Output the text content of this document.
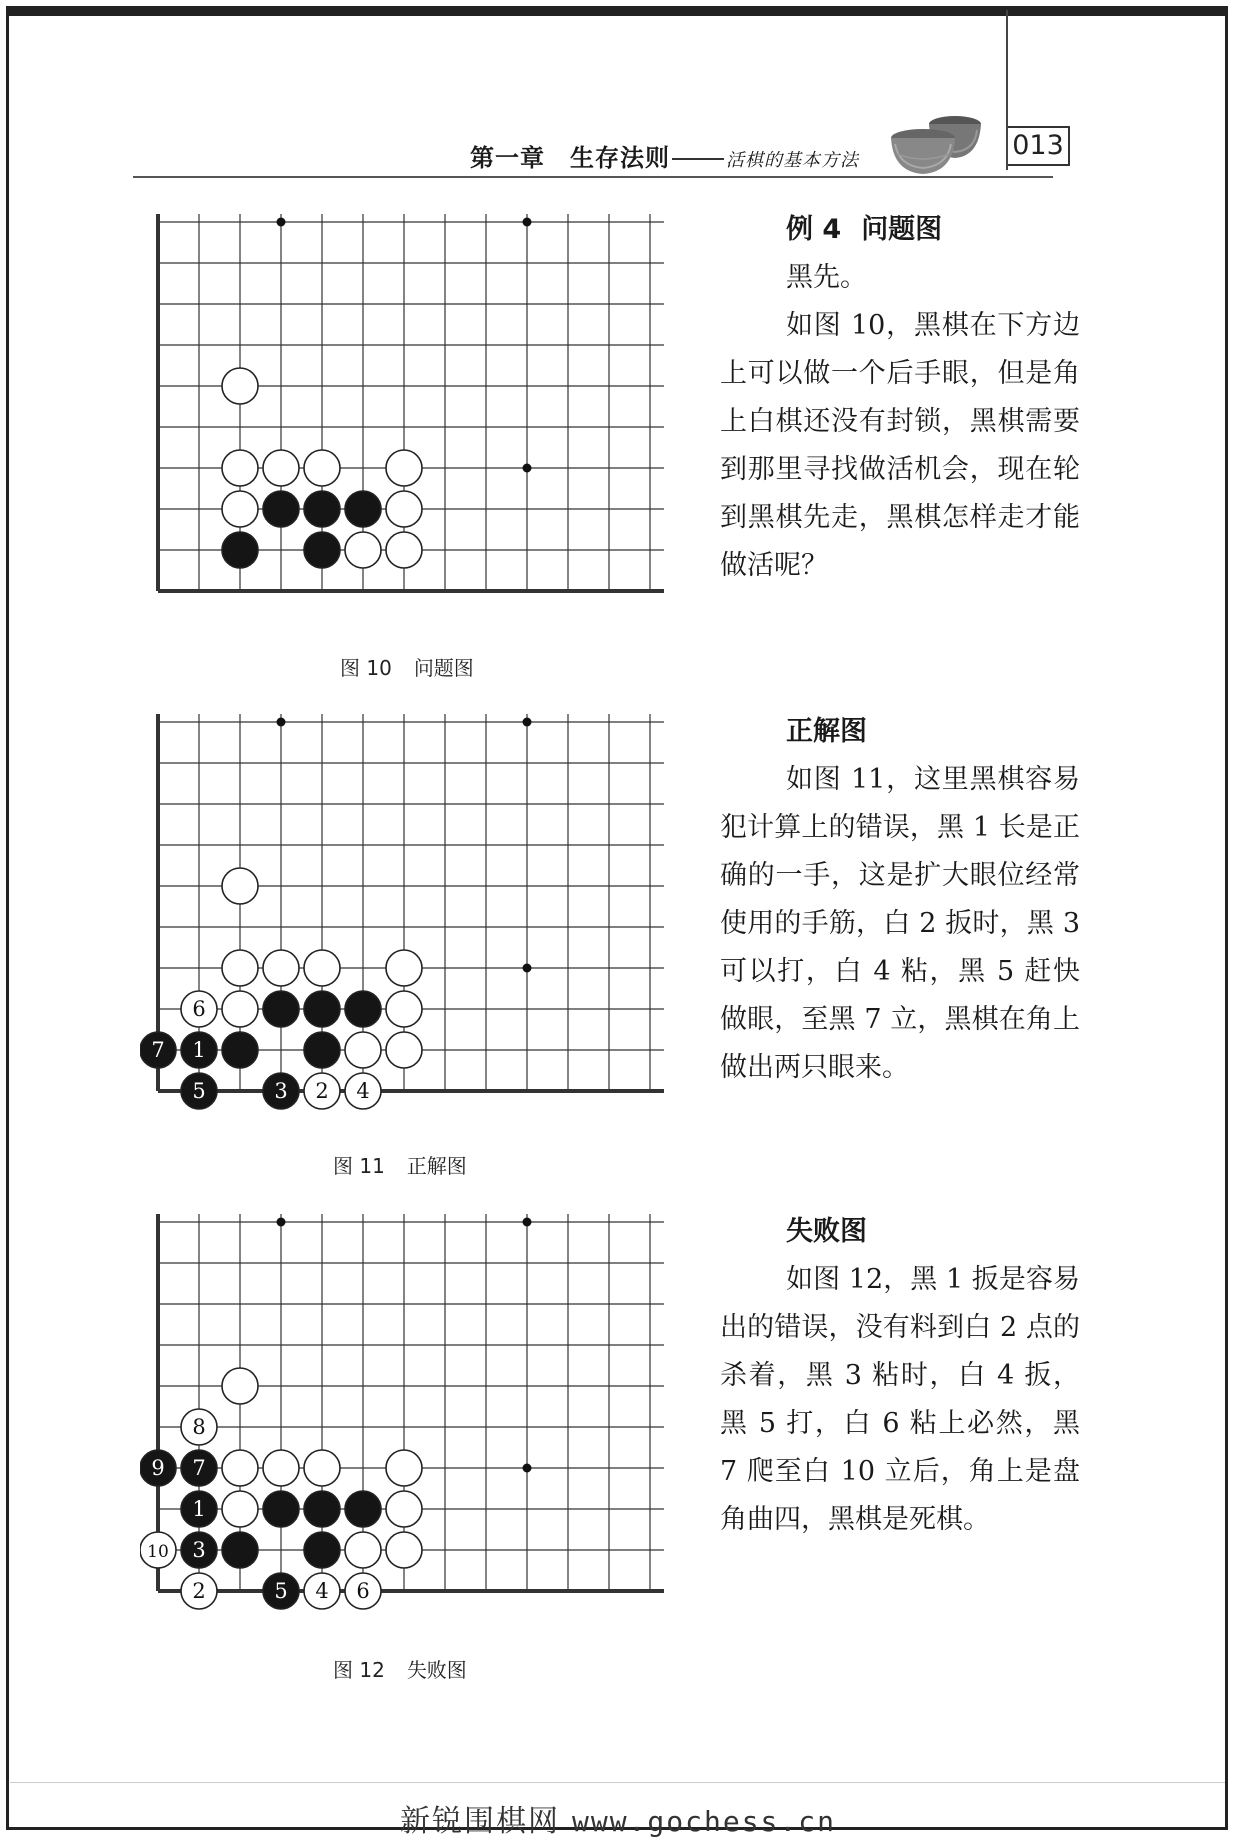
第一章　生存法则	活棋的基本方法	013
图 10 问题图
例 4 问题图

黑先。

如图 10，黑棋在下方边上可以做一个后手眼，但是角上白棋还没有封锁，黑棋需要到那里寻找做活机会，现在轮到黑棋先走，黑棋怎样走才能做活呢？

6
7 1
5	3 2 4
图 11 正解图
正解图

如图 11，这里黑棋容易犯计算上的错误，黑 1 长是正确的一手，这是扩大眼位经常使用的手筋，白 2 扳时，黑 3 可以打，白 4 粘，黑 5 赶快做眼，至黑 7 立，黑棋在角上做出两只眼来。

8
9 7
1
10 3
2	5 4 6
图 12 失败图
失败图

如图 12，黑 1 扳是容易出的错误，没有料到白 2 点的杀着，黑 3 粘时，白 4 扳，黑 5 打，白 6 粘上必然，黑 7 爬至白 10 立后，角上是盘角曲四，黑棋是死棋。

新锐围棋网 www.gochess.cn
